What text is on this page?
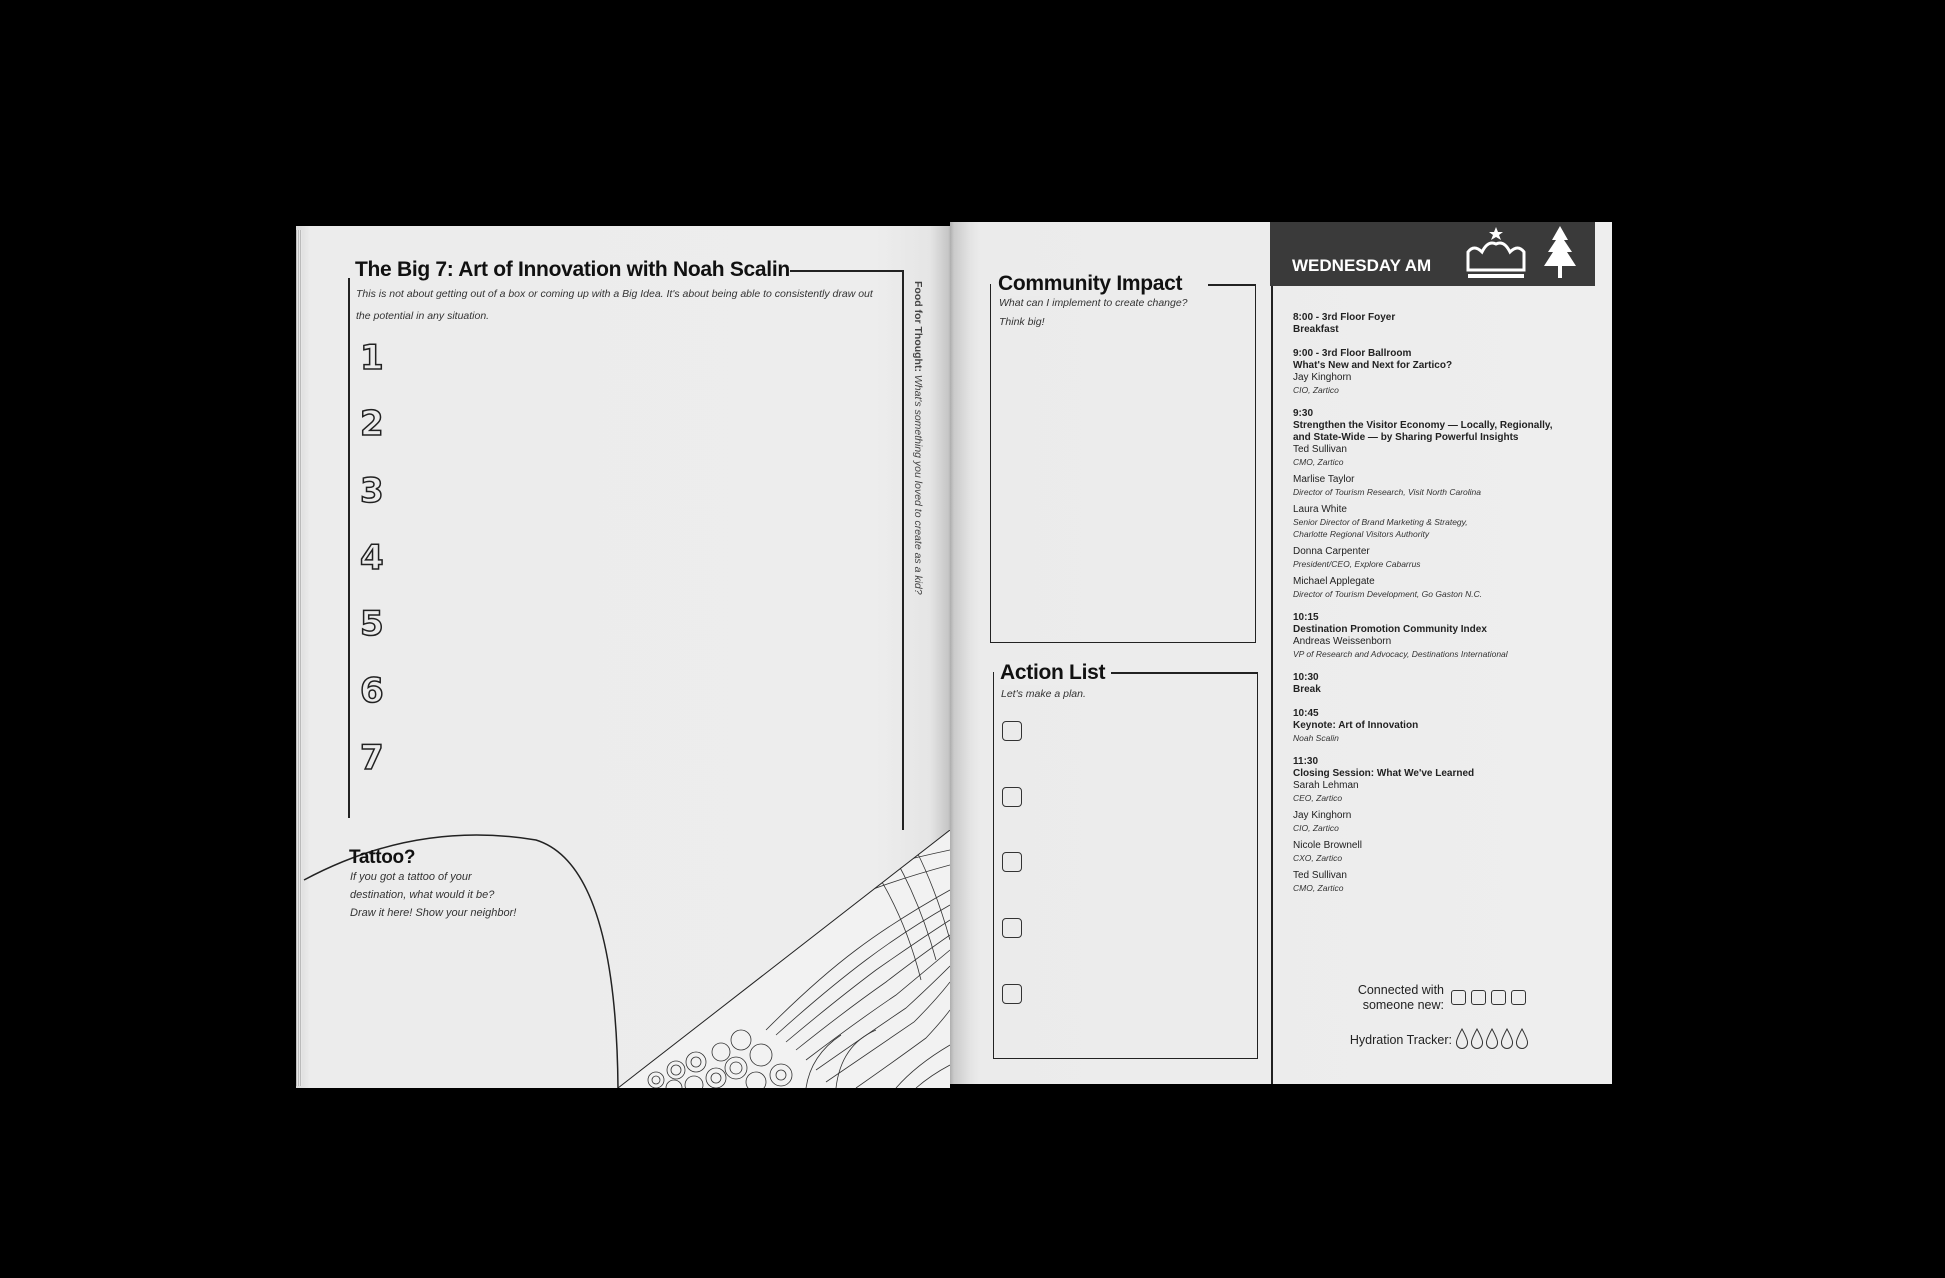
The Big 7: Art of Innovation with Noah Scalin
This is not about getting out of a box or coming up with a Big Idea. It's about being able to consistently draw out
the potential in any situation.
1
2
3
4
5
6
7
Food for Thought: What's something you loved to create as a kid?
Tattoo?
If you got a tattoo of your
destination, what would it be?
Draw it here! Show your neighbor!
Community Impact
What can I implement to create change?
Think big!
Action List
Let's make a plan.
WEDNESDAY AM
8:00 - 3rd Floor Foyer
Breakfast
9:00 - 3rd Floor Ballroom
What's New and Next for Zartico?
Jay Kinghorn
CIO, Zartico
9:30
Strengthen the Visitor Economy — Locally, Regionally,
and State-Wide — by Sharing Powerful Insights
Ted Sullivan
CMO, Zartico
Marlise Taylor
Director of Tourism Research, Visit North Carolina
Laura White
Senior Director of Brand Marketing & Strategy,
Charlotte Regional Visitors Authority
Donna Carpenter
President/CEO, Explore Cabarrus
Michael Applegate
Director of Tourism Development, Go Gaston N.C.
10:15
Destination Promotion Community Index
Andreas Weissenborn
VP of Research and Advocacy, Destinations International
10:30
Break
10:45
Keynote: Art of Innovation
Noah Scalin
11:30
Closing Session: What We've Learned
Sarah Lehman
CEO, Zartico
Jay Kinghorn
CIO, Zartico
Nicole Brownell
CXO, Zartico
Ted Sullivan
CMO, Zartico
Connected with
someone new:
Hydration Tracker:
